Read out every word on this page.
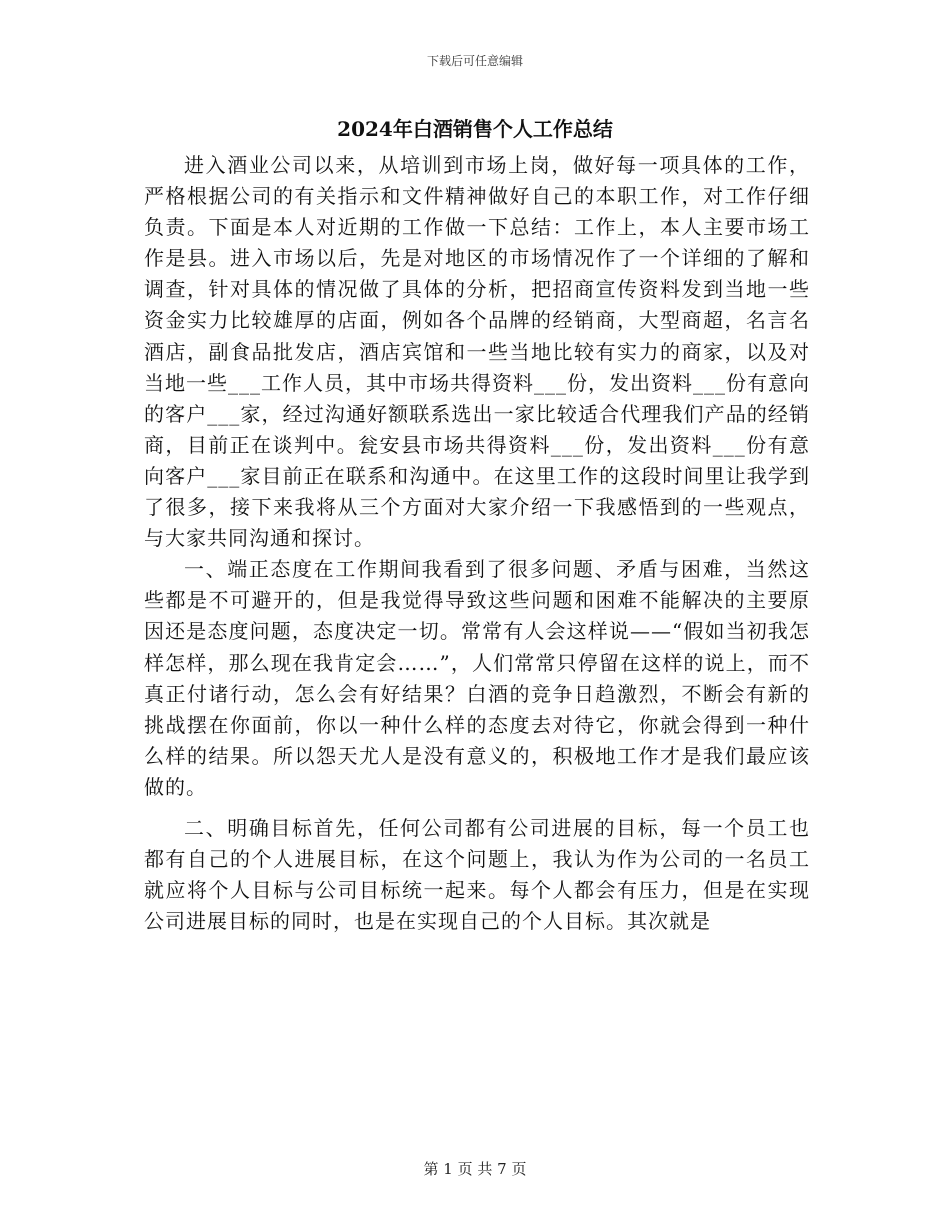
下载后可任意编辑
2024年白酒销售个人工作总结

进入酒业公司以来，从培训到市场上岗，做好每一项具体的工作，严格根据公司的有关指示和文件精神做好自己的本职工作，对工作仔细负责。下面是本人对近期的工作做一下总结：工作上，本人主要市场工作是县。进入市场以后，先是对地区的市场情况作了一个详细的了解和调查，针对具体的情况做了具体的分析，把招商宣传资料发到当地一些资金实力比较雄厚的店面，例如各个品牌的经销商，大型商超，名言名酒店，副食品批发店，酒店宾馆和一些当地比较有实力的商家，以及对当地一些___工作人员，其中市场共得资料___份，发出资料___份有意向的客户___家，经过沟通好额联系选出一家比较适合代理我们产品的经销商，目前正在谈判中。瓮安县市场共得资料___份，发出资料___份有意向客户___家目前正在联系和沟通中。在这里工作的这段时间里让我学到了很多，接下来我将从三个方面对大家介绍一下我感悟到的一些观点，与大家共同沟通和探讨。

一、端正态度在工作期间我看到了很多问题、矛盾与困难，当然这些都是不可避开的，但是我觉得导致这些问题和困难不能解决的主要原因还是态度问题，态度决定一切。常常有人会这样说——“假如当初我怎样怎样，那么现在我肯定会……”，人们常常只停留在这样的说上，而不真正付诸行动，怎么会有好结果？白酒的竞争日趋激烈，不断会有新的挑战摆在你面前，你以一种什么样的态度去对待它，你就会得到一种什么样的结果。所以怨天尤人是没有意义的，积极地工作才是我们最应该做的。

二、明确目标首先，任何公司都有公司进展的目标，每一个员工也都有自己的个人进展目标，在这个问题上，我认为作为公司的一名员工就应将个人目标与公司目标统一起来。每个人都会有压力，但是在实现公司进展目标的同时，也是在实现自己的个人目标。其次就是

第 1 页 共 7 页
